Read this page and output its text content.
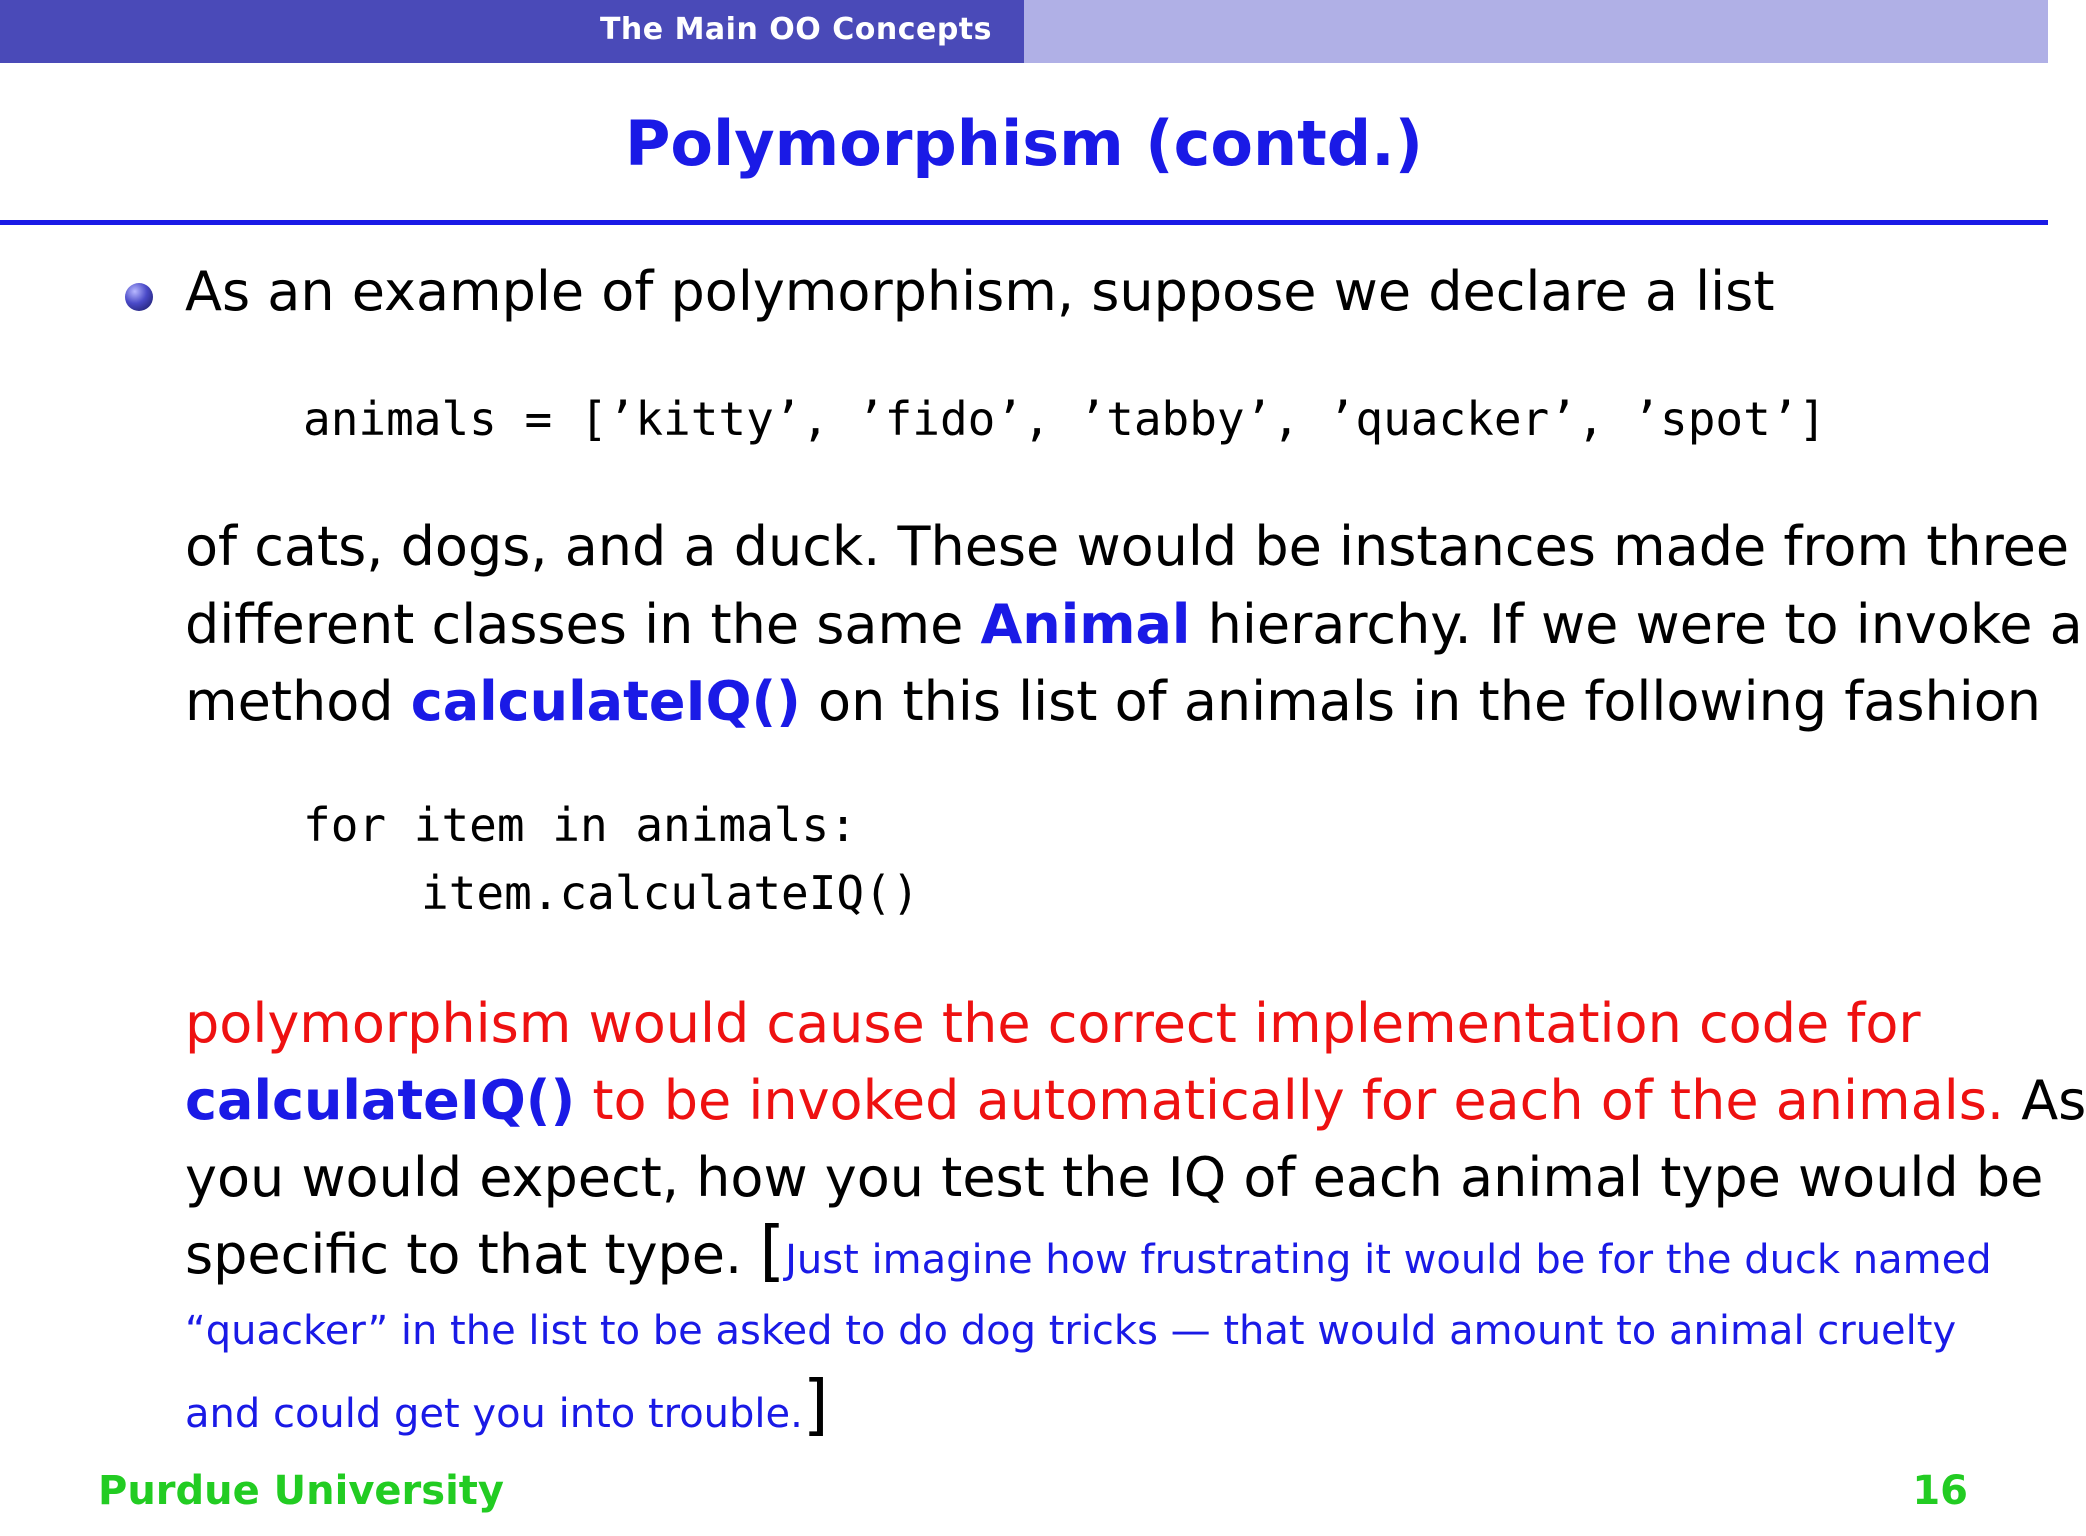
The Main OO Concepts
Polymorphism (contd.)
As an example of polymorphism, suppose we declare a list
animals = [’kitty’, ’fido’, ’tabby’, ’quacker’, ’spot’]
of cats, dogs, and a duck. These would be instances made from three
different classes in the same Animal hierarchy. If we were to invoke a
method calculateIQ() on this list of animals in the following fashion
for item in animals:
item.calculateIQ()
polymorphism would cause the correct implementation code for
calculateIQ() to be invoked automatically for each of the animals. As
you would expect, how you test the IQ of each animal type would be
specific to that type. [Just imagine how frustrating it would be for the duck named
“quacker” in the list to be asked to do dog tricks — that would amount to animal cruelty
and could get you into trouble.]
Purdue University	16
